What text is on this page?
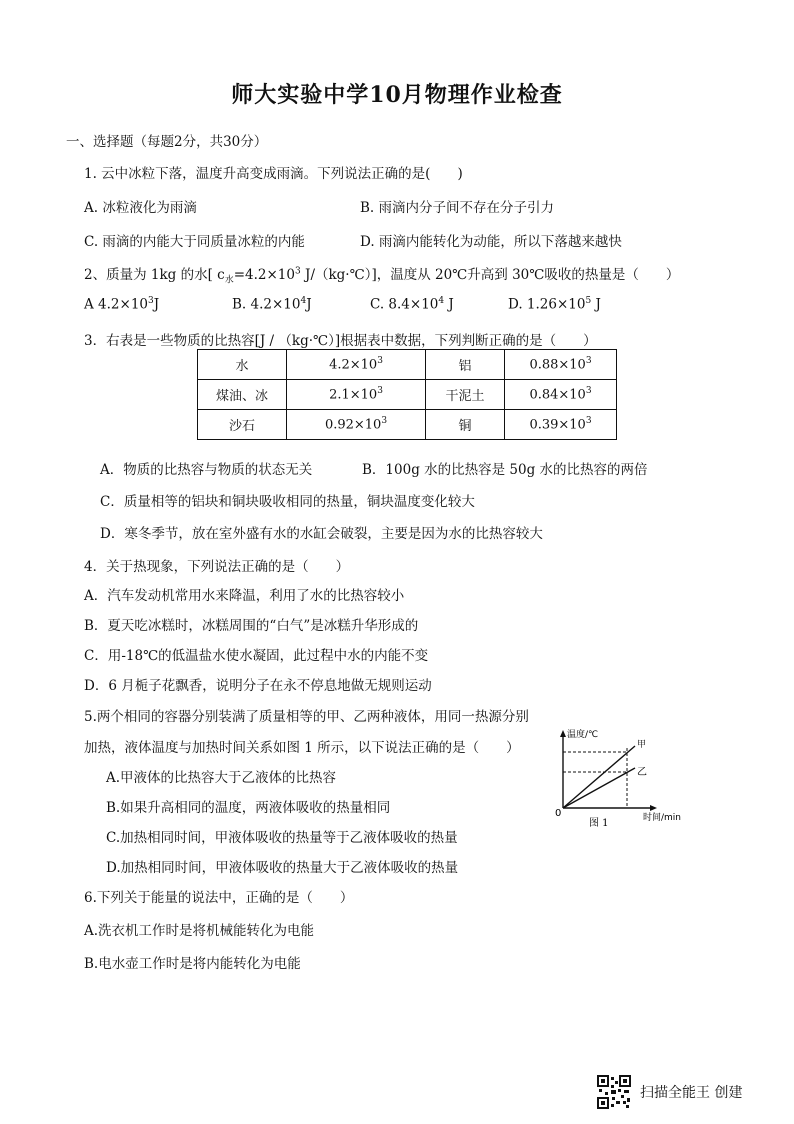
师大实验中学10月物理作业检查
一、选择题（每题2分，共30分）
1. 云中冰粒下落，温度升高变成雨滴。下列说法正确的是(　　)
A. 冰粒液化为雨滴	B. 雨滴内分子间不存在分子引力
C. 雨滴的内能大于同质量冰粒的内能	D. 雨滴内能转化为动能，所以下落越来越快
2、质量为 1kg 的水[ $c_水=4.2\times 10^3$ J/（kg·℃）]，温度从 20℃升高到 30℃吸收的热量是（　　）
A $4.2\times 10^3J$	B. $4.2\times 10^4J$	C. $8.4\times 10^4$ J	D. $1.26\times 10^5$ J
3．右表是一些物质的比热容[J / （kg·℃）]根据表中数据，下列判断正确的是（　　）
水	$4.2\times 10^3$	铝	$0.88\times 10^3$
煤油、冰	$2.1\times 10^3$	干泥土	$0.84\times 10^3$
沙石	$0.92\times 10^3$	铜	$0.39\times 10^3$
A．物质的比热容与物质的状态无关	B．100g 水的比热容是 50g 水的比热容的两倍
C．质量相等的铝块和铜块吸收相同的热量，铜块温度变化较大
D．寒冬季节，放在室外盛有水的水缸会破裂，主要是因为水的比热容较大
4．关于热现象，下列说法正确的是（　　）
A．汽车发动机常用水来降温，利用了水的比热容较小
B．夏天吃冰糕时，冰糕周围的“白气”是冰糕升华形成的
C．用-18℃的低温盐水使水凝固，此过程中水的内能不变
D．6 月栀子花飘香，说明分子在永不停息地做无规则运动
5.两个相同的容器分别装满了质量相等的甲、乙两种液体，用同一热源分别
加热，液体温度与加热时间关系如图 1 所示，以下说法正确的是（　　）
A.甲液体的比热容大于乙液体的比热容
B.如果升高相同的温度，两液体吸收的热量相同
C.加热相同时间，甲液体吸收的热量等于乙液体吸收的热量
D.加热相同时间，甲液体吸收的热量大于乙液体吸收的热量
温度/℃
甲
乙
0	时间/min
图 1
6.下列关于能量的说法中，正确的是（　　）
A.洗衣机工作时是将机械能转化为电能
B.电水壶工作时是将内能转化为电能
扫描全能王 创建
